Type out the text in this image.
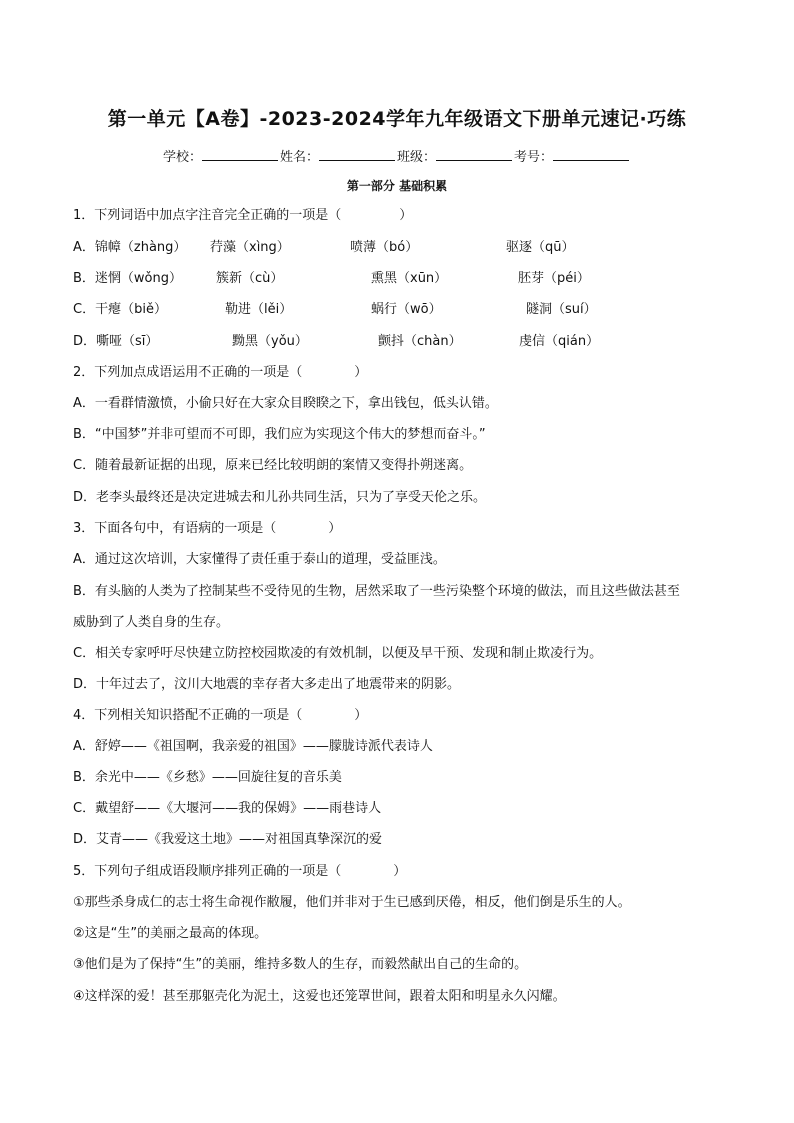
第一单元【A卷】-2023-2024学年九年级语文下册单元速记·巧练
学校：	姓名：	班级：	考号：
第一部分 基础积累
1．下列词语中加点字注音完全正确的一项是（	）
A．锦幛（zhàng） 荇藻（xìng）	喷薄（bó）	驱逐（qū）
B．迷惘（wǒng）	簇新（cù）	熏黑（xūn）	胚芽（péi）
C．干瘪（biě）	勒进（lěi）	蜗行（wō）	隧洞（suí）
D．嘶哑（sī）	黝黑（yǒu）	颤抖（chàn）	虔信（qián）
2．下列加点成语运用不正确的一项是（	）
A．一看群情激愤，小偷只好在大家众目睽睽之下，拿出钱包，低头认错。
B．“中国梦”并非可望而不可即，我们应为实现这个伟大的梦想而奋斗。”
C．随着最新证据的出现，原来已经比较明朗的案情又变得扑朔迷离。
D．老李头最终还是决定进城去和儿孙共同生活，只为了享受天伦之乐。
3．下面各句中，有语病的一项是（	）
A．通过这次培训，大家懂得了责任重于泰山的道理，受益匪浅。
B．有头脑的人类为了控制某些不受待见的生物，居然采取了一些污染整个环境的做法，而且这些做法甚至
威胁到了人类自身的生存。
C．相关专家呼吁尽快建立防控校园欺凌的有效机制，以便及早干预、发现和制止欺凌行为。
D．十年过去了，汶川大地震的幸存者大多走出了地震带来的阴影。
4．下列相关知识搭配不正确的一项是（	）
A．舒婷——《祖国啊，我亲爱的祖国》——朦胧诗派代表诗人
B．余光中——《乡愁》——回旋往复的音乐美
C．戴望舒——《大堰河——我的保姆》——雨巷诗人
D．艾青——《我爱这土地》——对祖国真挚深沉的爱
5．下列句子组成语段顺序排列正确的一项是（	）
①那些杀身成仁的志士将生命视作敝履，他们并非对于生已感到厌倦，相反，他们倒是乐生的人。
②这是“生”的美丽之最高的体现。
③他们是为了保持“生”的美丽，维持多数人的生存，而毅然献出自己的生命的。
④这样深的爱！甚至那躯壳化为泥土，这爱也还笼罩世间，跟着太阳和明星永久闪耀。
